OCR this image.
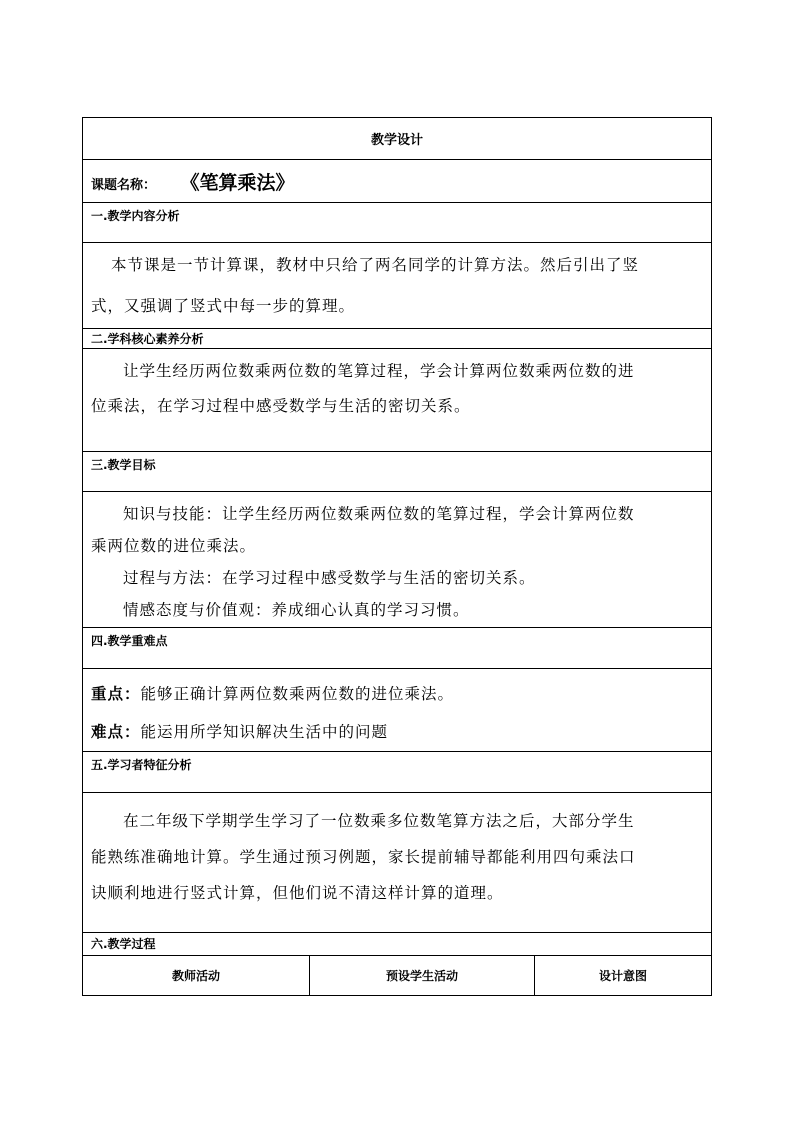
教学设计
课题名称： 《笔算乘法》
一.教学内容分析

本节课是一节计算课，教材中只给了两名同学的计算方法。然后引出了竖

式，又强调了竖式中每一步的算理。

二.学科核心素养分析

让学生经历两位数乘两位数的笔算过程，学会计算两位数乘两位数的进

位乘法，在学习过程中感受数学与生活的密切关系。

三.教学目标

知识与技能：让学生经历两位数乘两位数的笔算过程，学会计算两位数

乘两位数的进位乘法。

过程与方法：在学习过程中感受数学与生活的密切关系。

情感态度与价值观：养成细心认真的学习习惯。

四.教学重难点

重点：能够正确计算两位数乘两位数的进位乘法。

难点：能运用所学知识解决生活中的问题

五.学习者特征分析

在二年级下学期学生学习了一位数乘多位数笔算方法之后，大部分学生

能熟练准确地计算。学生通过预习例题，家长提前辅导都能利用四句乘法口

诀顺利地进行竖式计算，但他们说不清这样计算的道理。

六.教学过程
教师活动	预设学生活动	设计意图
